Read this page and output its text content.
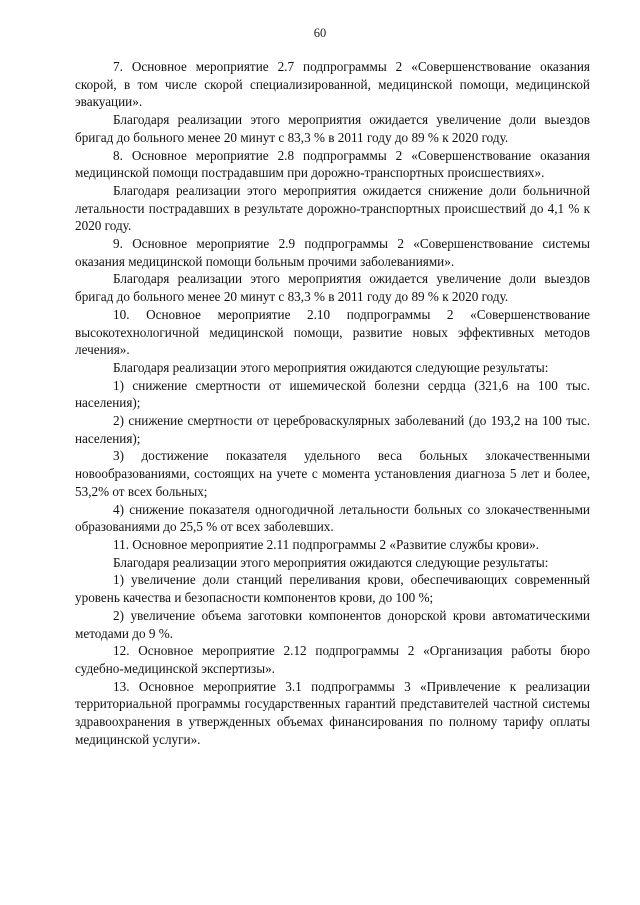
60

7. Основное мероприятие 2.7 подпрограммы 2 «Совершенствование оказания скорой, в том числе скорой специализированной, медицинской помощи, медицинской эвакуации».

Благодаря реализации этого мероприятия ожидается увеличение доли выездов бригад до больного менее 20 минут с 83,3 % в 2011 году до 89 % к 2020 году.

8. Основное мероприятие 2.8 подпрограммы 2 «Совершенствование оказания медицинской помощи пострадавшим при дорожно-транспортных происшествиях».

Благодаря реализации этого мероприятия ожидается снижение доли больничной летальности пострадавших в результате дорожно-транспортных происшествий до 4,1 % к 2020 году.

9. Основное мероприятие 2.9 подпрограммы 2 «Совершенствование системы оказания медицинской помощи больным прочими заболеваниями».

Благодаря реализации этого мероприятия ожидается увеличение доли выездов бригад до больного менее 20 минут с 83,3 % в 2011 году до 89 % к 2020 году.

10. Основное мероприятие 2.10 подпрограммы 2 «Совершенствование высокотехнологичной медицинской помощи, развитие новых эффективных методов лечения».

Благодаря реализации этого мероприятия ожидаются следующие результаты:

1) снижение смертности от ишемической болезни сердца (321,6 на 100 тыс. населения);

2) снижение смертности от цереброваскулярных заболеваний (до 193,2 на 100 тыс. населения);

3) достижение показателя удельного веса больных злокачественными новообразованиями, состоящих на учете с момента установления диагноза 5 лет и более, 53,2% от всех больных;

4) снижение показателя одногодичной летальности больных со злокачественными образованиями до 25,5 % от всех заболевших.

11. Основное мероприятие 2.11 подпрограммы 2 «Развитие службы крови».

Благодаря реализации этого мероприятия ожидаются следующие результаты:

1) увеличение доли станций переливания крови, обеспечивающих современный уровень качества и безопасности компонентов крови, до 100 %;

2) увеличение объема заготовки компонентов донорской крови автоматическими методами до 9 %.

12. Основное мероприятие 2.12 подпрограммы 2 «Организация работы бюро судебно-медицинской экспертизы».

13. Основное мероприятие 3.1 подпрограммы 3 «Привлечение к реализации территориальной программы государственных гарантий представителей частной системы здравоохранения в утвержденных объемах финансирования по полному тарифу оплаты медицинской услуги».
